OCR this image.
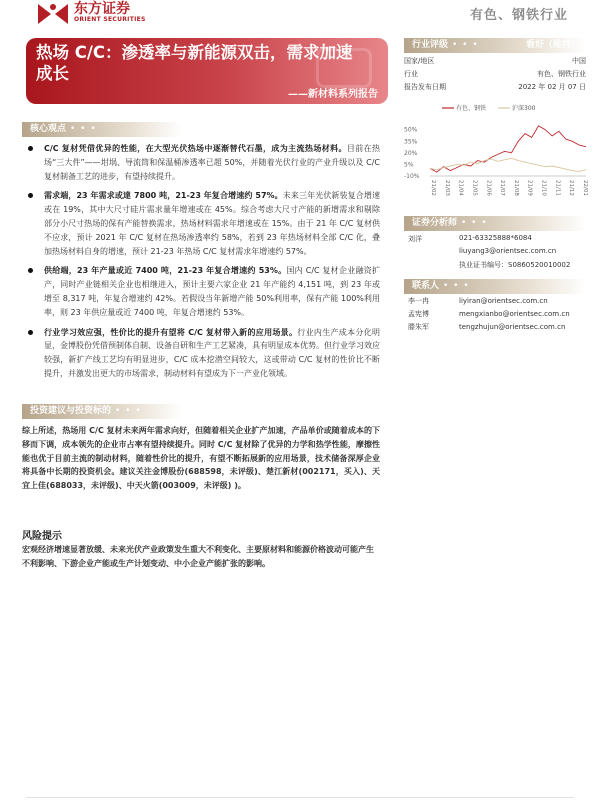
东方证券
ORIENT SECURITIES	有色、钢铁行业
热场 C/C：渗透率与新能源双击，需求加速成长
——新材料系列报告
核心观点 • • •
C/C 复材凭借优异的性能，在大型光伏热场中逐渐替代石墨，成为主流热场材料。目前在热场“三大件”——坩埚、导流筒和保温桶渗透率已超 50%，并随着光伏行业的产业升级以及 C/C 复材制备工艺的进步，有望持续提升。
需求端，23 年需求或達 7800 吨，21-23 年复合增速约 57%。未来三年光伏新装复合增速或在 19%，其中大尺寸硅片需求量年增速或在 45%。综合考虑大尺寸产能的新增需求和剔除部分小尺寸热场的保有产能替换需求，热场材料需求年增速或在 15%。由于 21 年 C/C 复材供不应求，预计 2021 年 C/C 复材在热场渗透率约 58%，若到 23 年热场材料全部 C/C 化，叠加热场材料自身的增速，预计 21-23 年热场 C/C 复材需求年增速约 57%。
供给端，23 年产量或近 7400 吨，21-23 年复合增速约 53%。国内 C/C 复材企业融资扩产，同时产业链相关企业也相继进入，预计主要六家企业 21 年产能约 4,151 吨，到 23 年或增至 8,317 吨，年复合增速约 42%。若假设当年新增产能 50%利用率，保有产能 100%利用率，则 23 年供应量或近 7400 吨，年复合增速约 53%。
行业学习效应强，性价比的提升有望将 C/C 复材带入新的应用场景。行业内生产成本分化明显，金博股份凭借预制体自制、设备自研和生产工艺紧凑，具有明显成本优势。但行业学习效应较强，新扩产线工艺均有明显进步，C/C 成本挖潜空间较大，这或带动 C/C 复材的性价比不断提升，并激发出更大的市场需求，制动材料有望成为下一产业化领域。
投资建议与投资标的 • • •
综上所述，热场用 C/C 复材未来两年需求向好，但随着相关企业扩产加速，产品单价或随着成本的下移而下调，成本领先的企业市占率有望持续提升。同时 C/C 复材除了优异的力学和热学性能，摩擦性能也优于目前主流的制动材料，随着性价比的提升，有望不断拓展新的应用场景，技术储备深厚企业将具备中长期的投资机会。建议关注金博股份(688598，未评级)、楚江新材(002171，买入)、天宜上佳(688033，未评级)、中天火箭(003009，未评级) )。
风险提示
宏观经济增速显著放缓、未来光伏产业政策发生重大不利变化、主要原材料和能源价格波动可能产生不利影响、下游企业产能或生产计划变动、中小企业产能扩张的影响。
行业评级 • • •	看好（维持）
国家/地区	中国
行业	有色、钢铁行业
报告发布日期	2022 年 02 月 07 日
有色、钢铁	沪深300
50%
35%
20%
5%
-10%
21/02 21/03 21/04 21/05 21/06 21/07 21/08 21/09 21/10 21/11 21/12 22/01
证券分析师 • • •
刘洋	021-63325888*6084
liuyang3@orientsec.com.cn
执业证书编号：S0860520010002
联系人 • • •
李一冉	liyiran@orientsec.com.cn
孟宪博	mengxianbo@orientsec.com.cn
滕朱军	tengzhujun@orientsec.com.cn
